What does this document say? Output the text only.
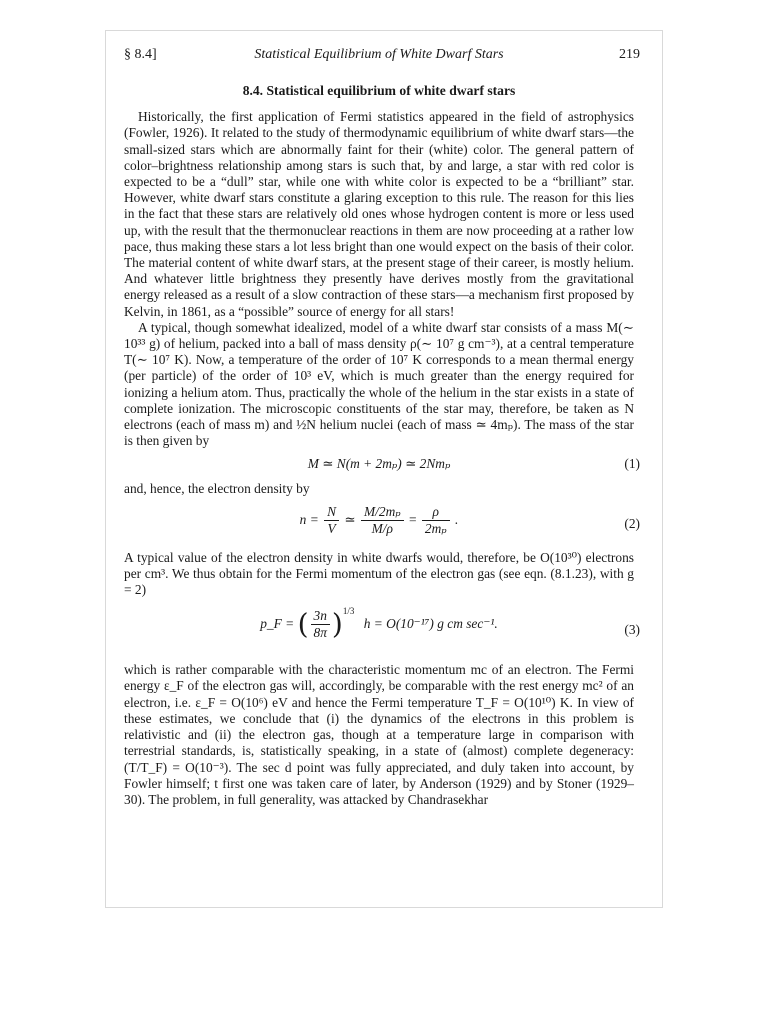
§ 8.4]	Statistical Equilibrium of White Dwarf Stars	219
8.4. Statistical equilibrium of white dwarf stars

Historically, the first application of Fermi statistics appeared in the field of astrophysics (Fowler, 1926). It related to the study of thermodynamic equilibrium of white dwarf stars—the small-sized stars which are abnormally faint for their (white) color. The general pattern of color–brightness relationship among stars is such that, by and large, a star with red color is expected to be a “dull” star, while one with white color is expected to be a “brilliant” star. However, white dwarf stars constitute a glaring exception to this rule. The reason for this lies in the fact that these stars are relatively old ones whose hydrogen content is more or less used up, with the result that the thermonuclear reactions in them are now proceeding at a rather low pace, thus making these stars a lot less bright than one would expect on the basis of their color. The material content of white dwarf stars, at the present stage of their career, is mostly helium. And whatever little brightness they presently have derives mostly from the gravitational energy released as a result of a slow contraction of these stars—a mechanism first proposed by Kelvin, in 1861, as a “possible” source of energy for all stars!

A typical, though somewhat idealized, model of a white dwarf star consists of a mass M(∼ 10³³ g) of helium, packed into a ball of mass density ρ(∼ 10⁷ g cm⁻³), at a central temperature T(∼ 10⁷ K). Now, a temperature of the order of 10⁷ K corresponds to a mean thermal energy (per particle) of the order of 10³ eV, which is much greater than the energy required for ionizing a helium atom. Thus, practically the whole of the helium in the star exists in a state of complete ionization. The microscopic constituents of the star may, therefore, be taken as N electrons (each of mass m) and ½N helium nuclei (each of mass ≃ 4mₚ). The mass of the star is then given by

M ≃ N(m + 2mₚ) ≃ 2Nmₚ	(1)

and, hence, the electron density by

$n = \frac{N}{V}$ ≃ $\frac{\text{M/2mₚ}}{M/\rho} = \frac{\rho}{\text{2mₚ}}$ .	(2)

A typical value of the electron density in white dwarfs would, therefore, be O(10³⁰) electrons per cm³. We thus obtain for the Fermi momentum of the electron gas (see eqn. (8.1.23), with g = 2)

p_F = ( $\frac{3n}{8\pi} )^{1/3}$ h = O(10⁻¹⁷) g cm sec⁻¹.	(3)

which is rather comparable with the characteristic momentum mc of an electron. The Fermi energy ε_F of the electron gas will, accordingly, be comparable with the rest energy mc² of an electron, i.e. ε_F = O(10⁶) eV and hence the Fermi temperature T_F = O(10¹⁰) K. In view of these estimates, we conclude that (i) the dynamics of the electrons in this problem is relativistic and (ii) the electron gas, though at a temperature large in comparison with terrestrial standards, is, statistically speaking, in a state of (almost) complete degeneracy: (T/T_F) = O(10⁻³). The sec d point was fully appreciated, and duly taken into account, by Fowler himself; t first one was taken care of later, by Anderson (1929) and by Stoner (1929–30). The problem, in full generality, was attacked by Chandrasekhar
